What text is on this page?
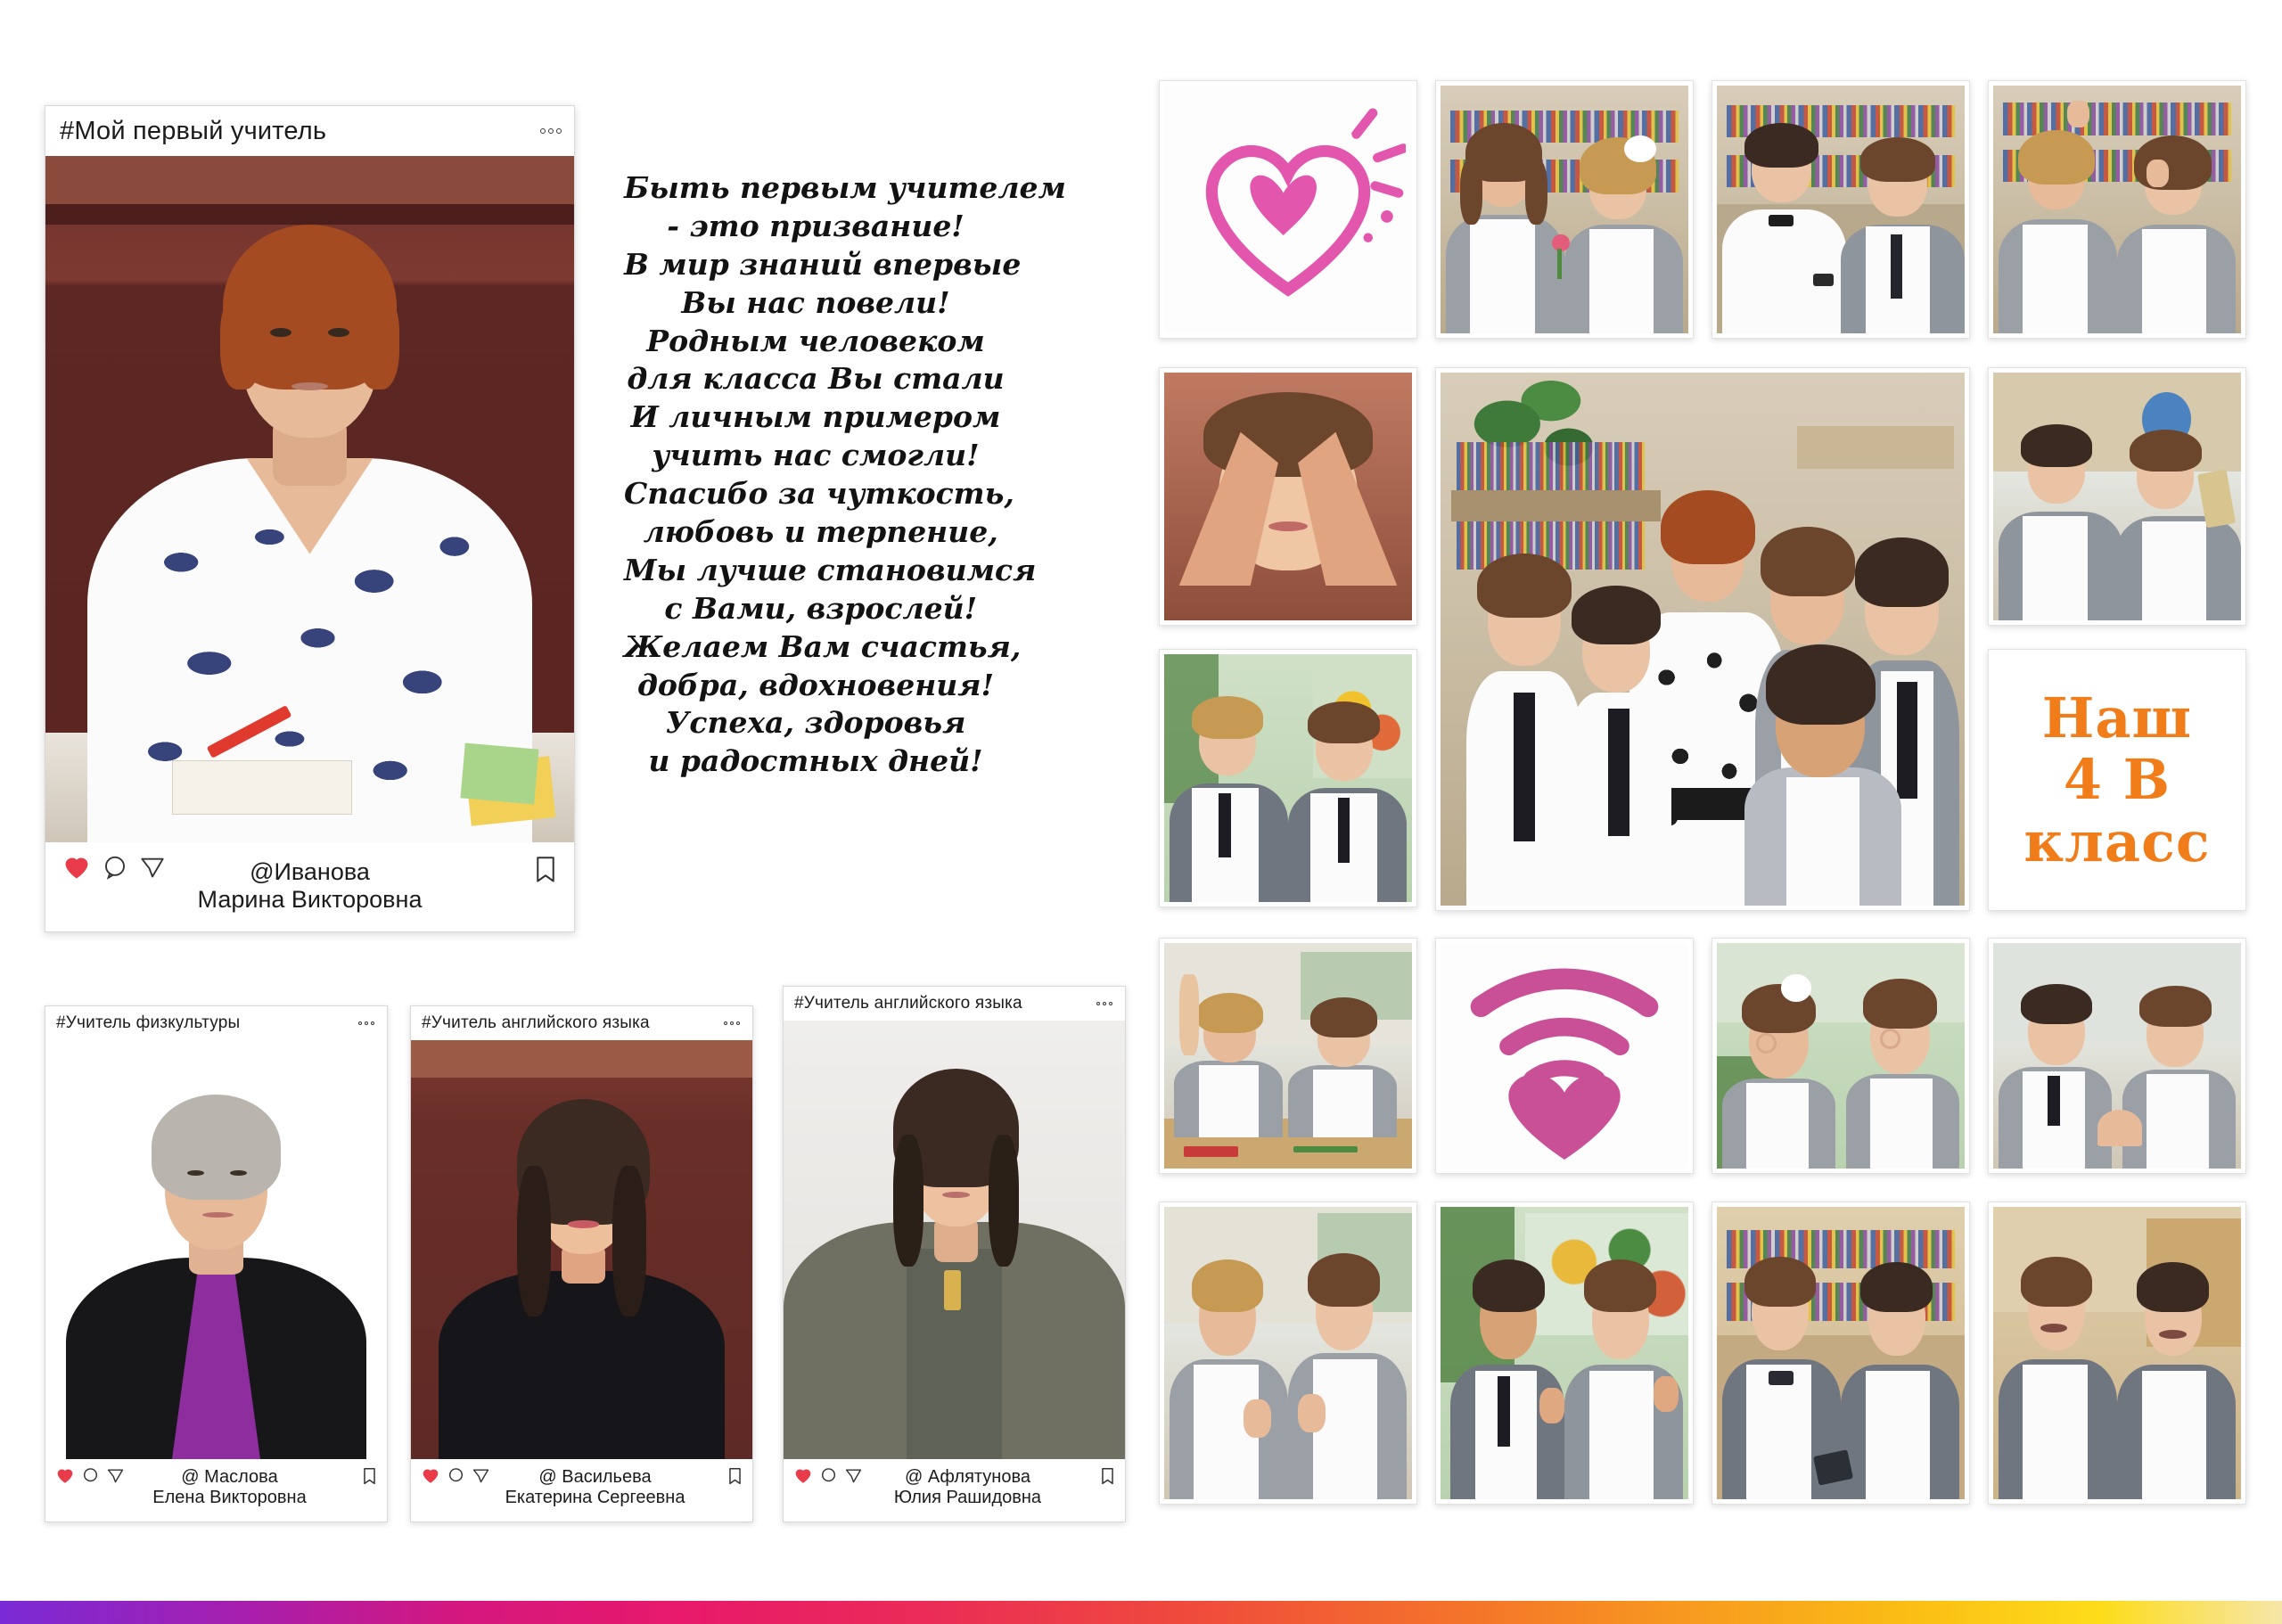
#Мой первый учитель
@Иванова
Марина Викторовна
Быть первым учителем
- это призвание!
В мир знаний впервые
Вы нас повели!
Родным человеком
для класса Вы стали
И личным примером
учить нас смогли!
Спасибо за чуткость,
любовь и терпение,
Мы лучше становимся
с Вами, взрослей!
Желаем Вам счастья,
добра, вдохновения!
Успеха, здоровья
и радостных дней!
#Учитель физкультуры
@ Маслова
Елена Викторовна
#Учитель английского языка
@ Васильева
Екатерина Сергеевна
#Учитель английского языка
@ Афлятунова
Юлия Рашидовна
Наш
4 В
класс
